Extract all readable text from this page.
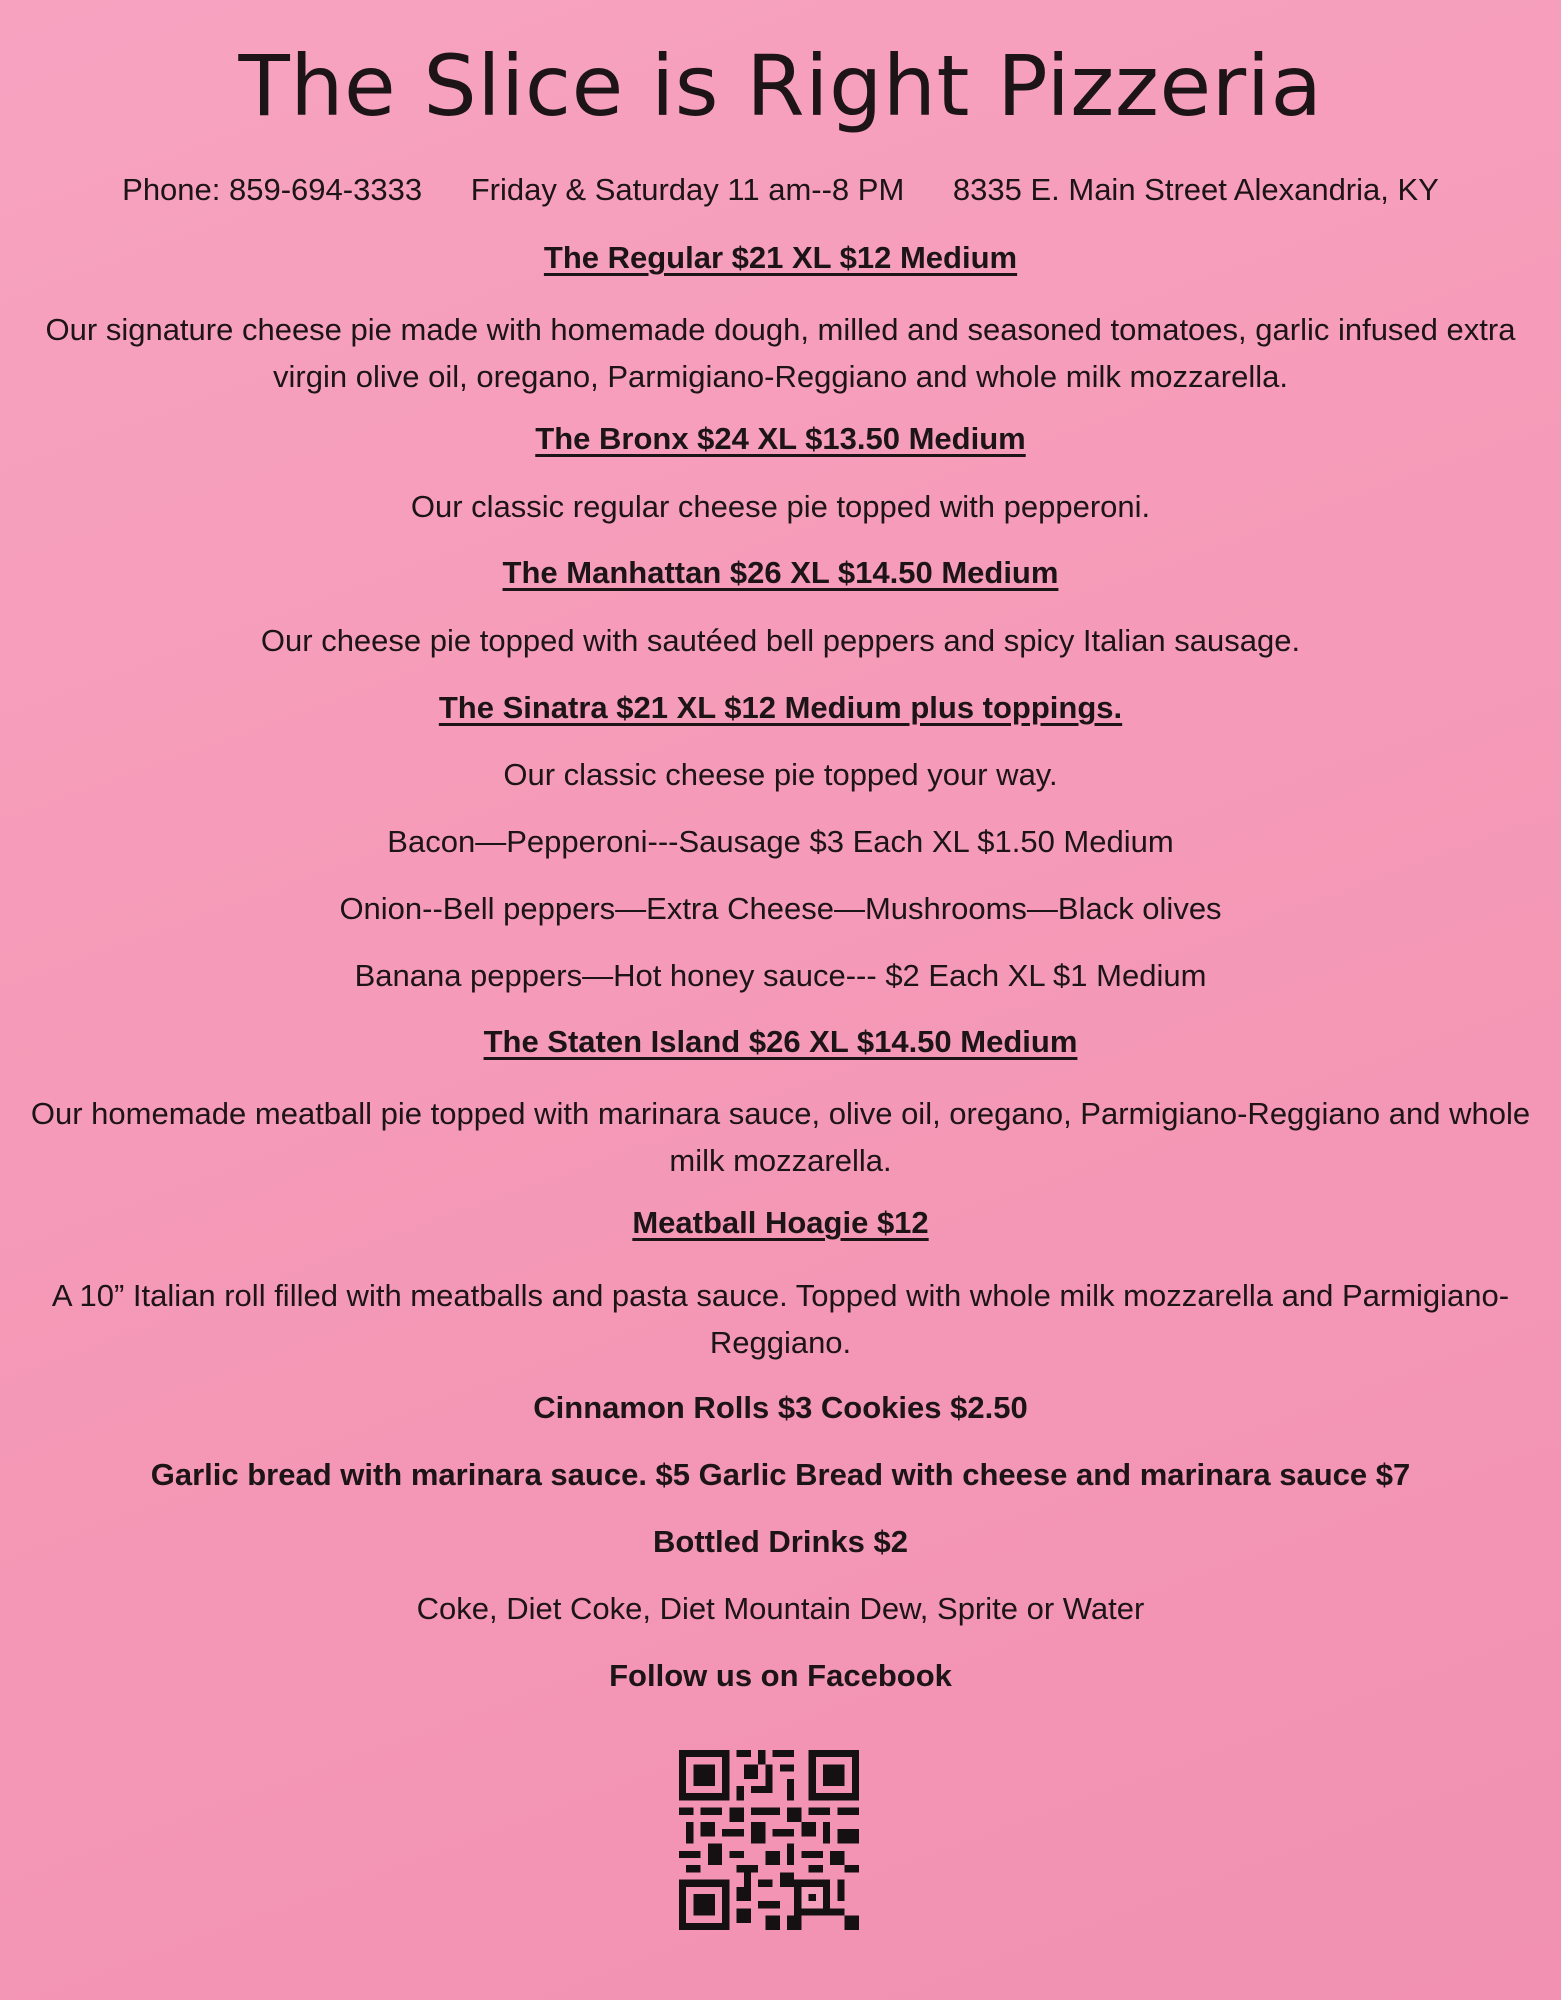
The Slice is Right Pizzeria
Phone: 859-694-3333 Friday & Saturday 11 am--8 PM 8335 E. Main Street Alexandria, KY
The Regular $21 XL $12 Medium
Our signature cheese pie made with homemade dough, milled and seasoned tomatoes, garlic infused extra virgin olive oil, oregano, Parmigiano-Reggiano and whole milk mozzarella.
The Bronx $24 XL $13.50 Medium
Our classic regular cheese pie topped with pepperoni.
The Manhattan $26 XL $14.50 Medium
Our cheese pie topped with sautéed bell peppers and spicy Italian sausage.
The Sinatra $21 XL $12 Medium plus toppings.
Our classic cheese pie topped your way.
Bacon—Pepperoni---Sausage $3 Each XL $1.50 Medium
Onion--Bell peppers—Extra Cheese—Mushrooms—Black olives
Banana peppers—Hot honey sauce--- $2 Each XL $1 Medium
The Staten Island $26 XL $14.50 Medium
Our homemade meatball pie topped with marinara sauce, olive oil, oregano, Parmigiano-Reggiano and whole milk mozzarella.
Meatball Hoagie $12
A 10” Italian roll filled with meatballs and pasta sauce. Topped with whole milk mozzarella and Parmigiano-Reggiano.
Cinnamon Rolls $3 Cookies $2.50
Garlic bread with marinara sauce. $5 Garlic Bread with cheese and marinara sauce $7
Bottled Drinks $2
Coke, Diet Coke, Diet Mountain Dew, Sprite or Water
Follow us on Facebook
